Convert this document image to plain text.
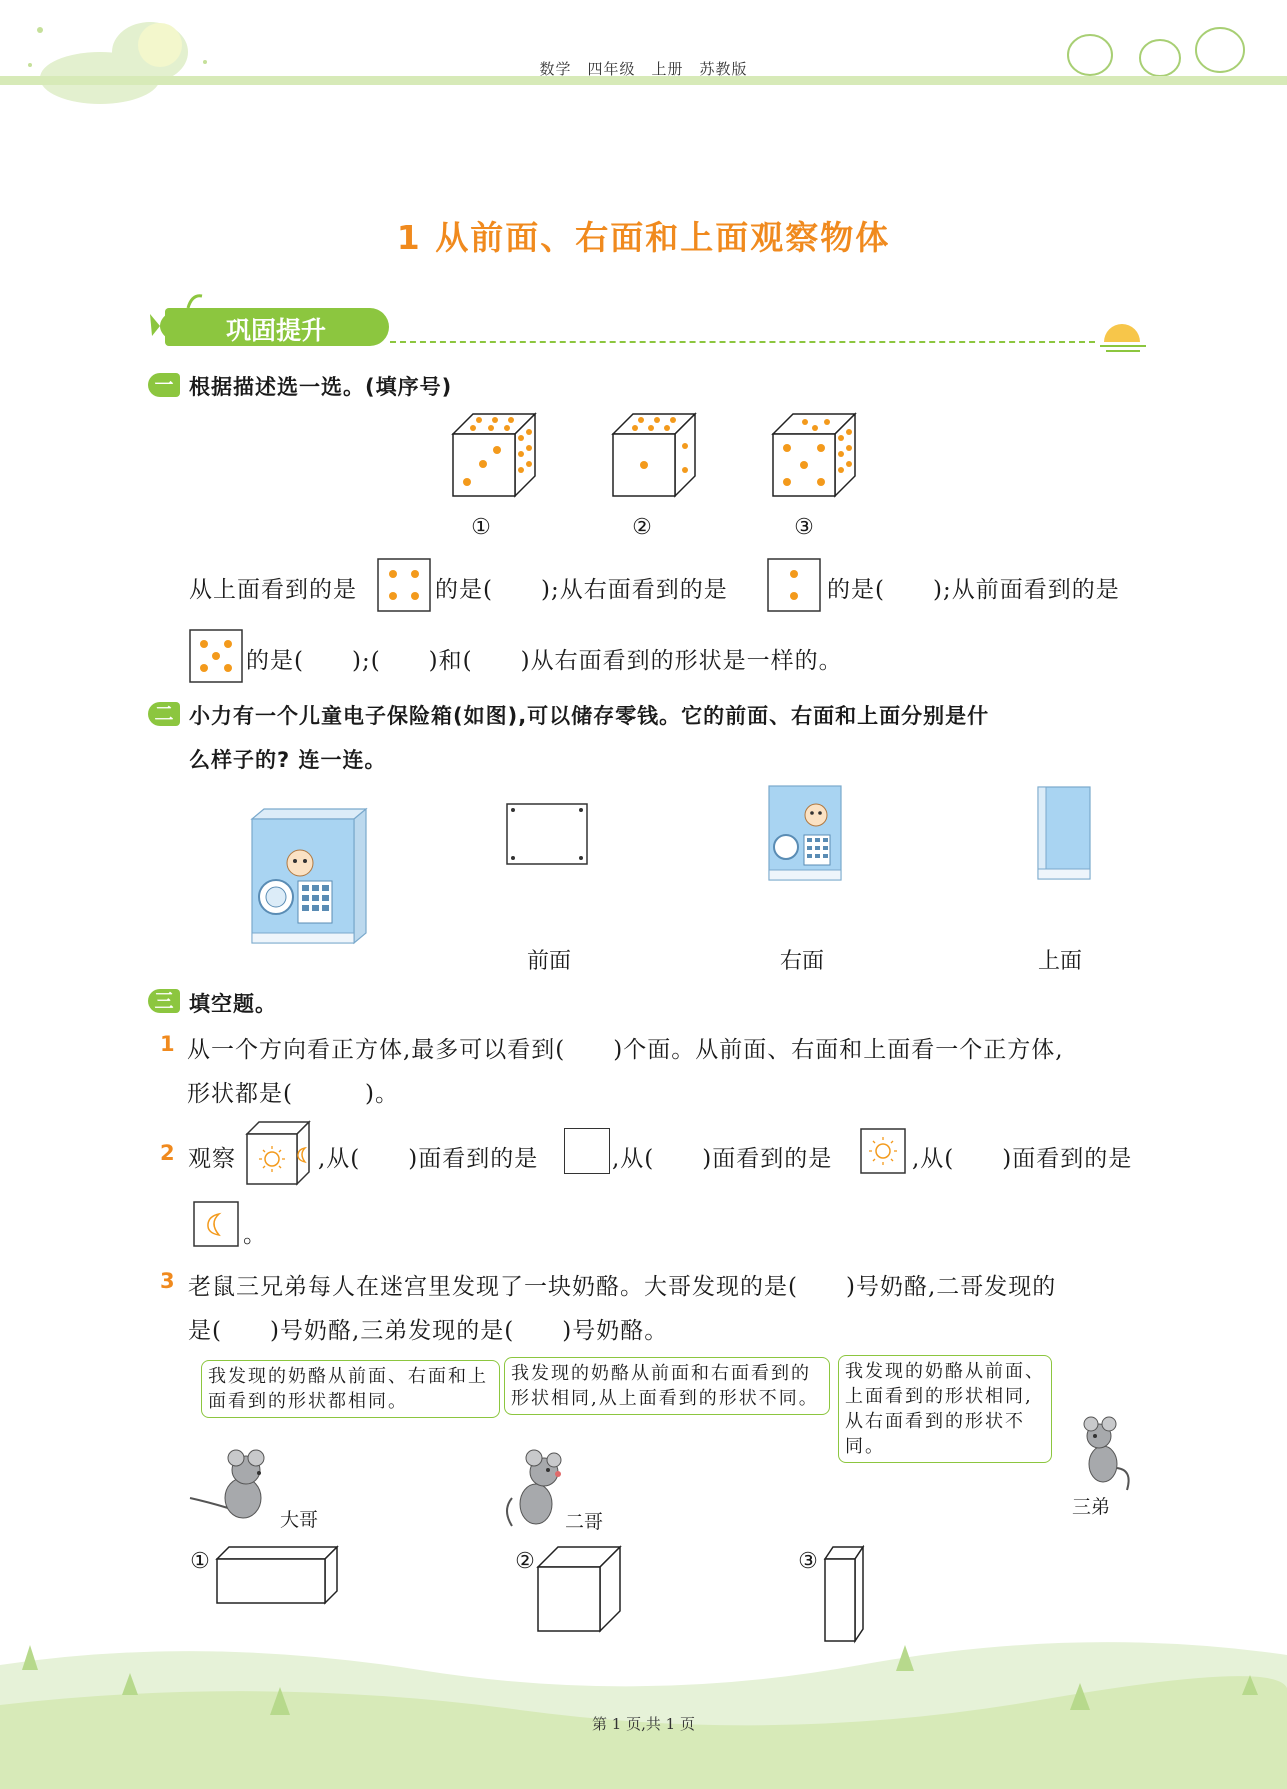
数学　四年级　上册　苏教版
1 从前面、右面和上面观察物体
巩固提升
一 根据描述选一选。(填序号)
①	②	③
从上面看到的是	的是(　　);从右面看到的是	的是(　　);从前面看到的是
的是(　　);(　　)和(　　)从右面看到的形状是一样的。
二 小力有一个儿童电子保险箱(如图),可以储存零钱。它的前面、右面和上面分别是什
么样子的? 连一连。
前面	右面	上面
三 填空题。
1 从一个方向看正方体,最多可以看到(　　)个面。从前面、右面和上面看一个正方体,
形状都是(　　　)。
2 观察	,从(　　)面看到的是	,从(　　)面看到的是	,从(　　)面看到的是
。
3 老鼠三兄弟每人在迷宫里发现了一块奶酪。大哥发现的是(　　)号奶酪,二哥发现的
是(　　)号奶酪,三弟发现的是(　　)号奶酪。
我发现的奶酪从前面、右面和上面看到的形状都相同。
我发现的奶酪从前面和右面看到的形状相同,从上面看到的形状不同。
我发现的奶酪从前面、上面看到的形状相同,从右面看到的形状不同。
大哥	二哥
三弟
①	②	③
第 1 页,共 1 页
